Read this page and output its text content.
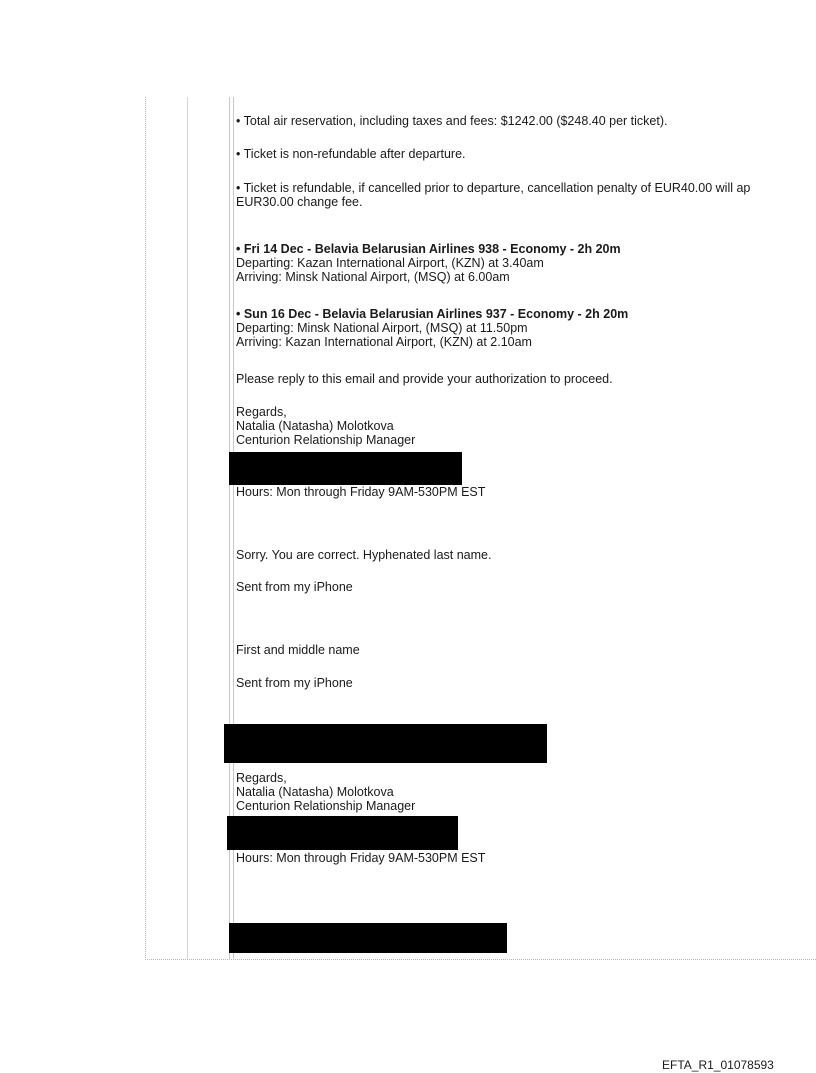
• Total air reservation, including taxes and fees: $1242.00 ($248.40 per ticket).
• Ticket is non-refundable after departure.
• Ticket is refundable, if cancelled prior to departure, cancellation penalty of EUR40.00 will ap
EUR30.00 change fee.
• Fri 14 Dec - Belavia Belarusian Airlines 938 - Economy - 2h 20m
Departing: Kazan International Airport, (KZN) at 3.40am
Arriving: Minsk National Airport, (MSQ) at 6.00am
• Sun 16 Dec - Belavia Belarusian Airlines 937 - Economy - 2h 20m
Departing: Minsk National Airport, (MSQ) at 11.50pm
Arriving: Kazan International Airport, (KZN) at 2.10am
Please reply to this email and provide your authorization to proceed.
Regards,
Natalia (Natasha) Molotkova
Centurion Relationship Manager
Hours: Mon through Friday 9AM-530PM EST
Sorry. You are correct. Hyphenated last name.
Sent from my iPhone
First and middle name
Sent from my iPhone
Regards,
Natalia (Natasha) Molotkova
Centurion Relationship Manager
Hours: Mon through Friday 9AM-530PM EST
EFTA_R1_01078593
